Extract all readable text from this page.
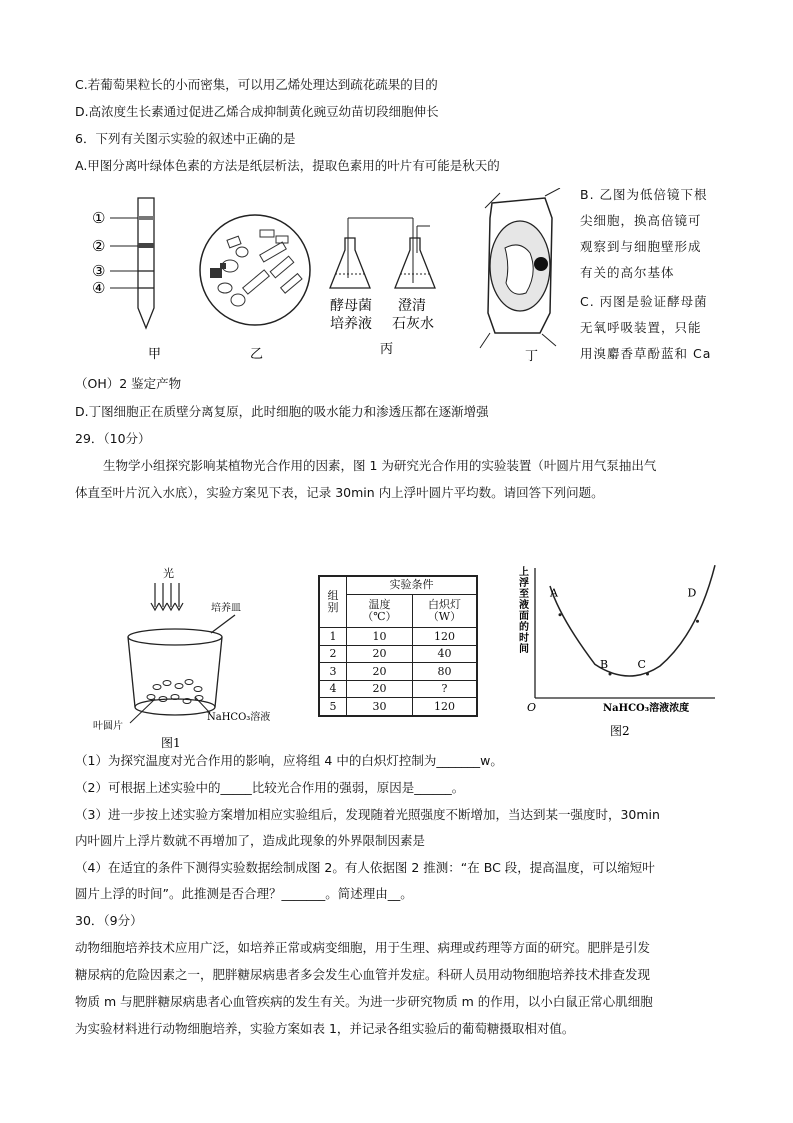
C.若葡萄果粒长的小而密集，可以用乙烯处理达到疏花疏果的目的
D.高浓度生长素通过促进乙烯合成抑制黄化豌豆幼苗切段细胞伸长
6．下列有关图示实验的叙述中正确的是
A.甲图分离叶绿体色素的方法是纸层析法，提取色素用的叶片有可能是秋天的
B. 乙图为低倍镜下根
尖细胞，换高倍镜可
观察到与细胞壁形成
有关的高尔基体
C. 丙图是验证酵母菌
无氧呼吸装置，只能
用溴麝香草酚蓝和 Ca
（OH）2 鉴定产物
D.丁图细胞正在质壁分离复原，此时细胞的吸水能力和渗透压都在逐渐增强
29．（10分）
生物学小组探究影响某植物光合作用的因素，图 1 为研究光合作用的实验装置（叶圆片用气泵抽出气
体直至叶片沉入水底），实验方案见下表，记录 30min 内上浮叶圆片平均数。请回答下列问题。
①
②
③
④
甲	乙
酵母菌
培养液
澄清
石灰水
丙	丁
光
培养皿
叶圆片
NaHCO₃溶液
图1
组
别	实验条件	
	温度
（℃）	白炽灯
（W）
1	10	120
2	20	40
3	20	80
4	20	?
5	30	120
上
浮
至
液
面
的
时
间
A
B	C
D
O	NaHCO₃溶液浓度
图2
（1）为探究温度对光合作用的影响，应将组 4 中的白炽灯控制为_______w。
（2）可根据上述实验中的_____比较光合作用的强弱，原因是______。
（3）进一步按上述实验方案增加相应实验组后，发现随着光照强度不断增加，当达到某一强度时，30min
内叶圆片上浮片数就不再增加了，造成此现象的外界限制因素是
（4）在适宜的条件下测得实验数据绘制成图 2。有人依据图 2 推测：“在 BC 段，提高温度，可以缩短叶
圆片上浮的时间”。此推测是否合理？_______。简述理由__。
30．（9分）
动物细胞培养技术应用广泛，如培养正常或病变细胞，用于生理、病理或药理等方面的研究。肥胖是引发
糖尿病的危险因素之一，肥胖糖尿病患者多会发生心血管并发症。科研人员用动物细胞培养技术排查发现
物质 m 与肥胖糖尿病患者心血管疾病的发生有关。为进一步研究物质 m 的作用，以小白鼠正常心肌细胞
为实验材料进行动物细胞培养，实验方案如表 1，并记录各组实验后的葡萄糖摄取相对值。
